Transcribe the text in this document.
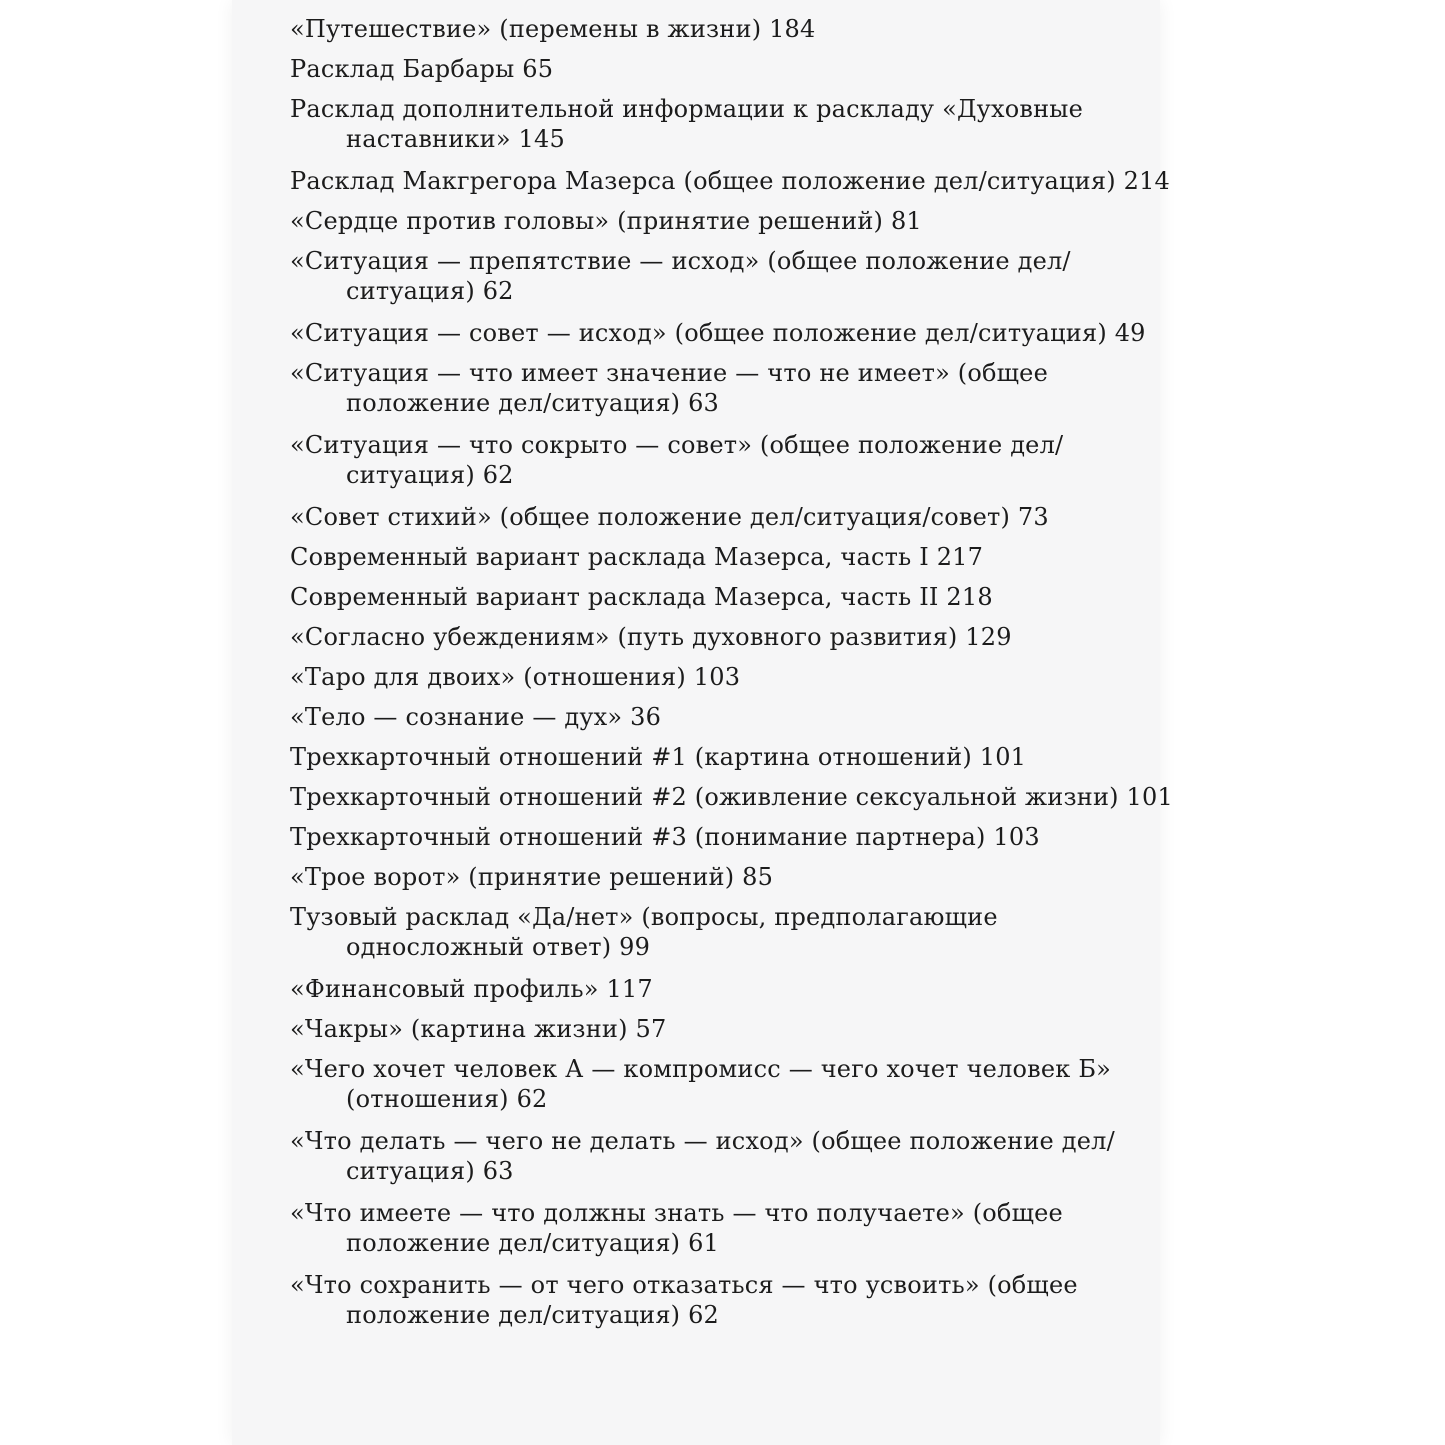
«Путешествие» (перемены в жизни) 184
Расклад Барбары 65
Расклад дополнительной информации к раскладу «Духовные наставники» 145
Расклад Макгрегора Мазерса (общее положение дел/ситуация) 214
«Сердце против головы» (принятие решений) 81
«Ситуация — препятствие — исход» (общее положение дел/ ситуация) 62
«Ситуация — совет — исход» (общее положение дел/ситуация) 49
«Ситуация — что имеет значение — что не имеет» (общее положение дел/ситуация) 63
«Ситуация — что сокрыто — совет» (общее положение дел/ ситуация) 62
«Совет стихий» (общее положение дел/ситуация/совет) 73
Современный вариант расклада Мазерса, часть I 217
Современный вариант расклада Мазерса, часть II 218
«Согласно убеждениям» (путь духовного развития) 129
«Таро для двоих» (отношения) 103
«Тело — сознание — дух» 36
Трехкарточный отношений #1 (картина отношений) 101
Трехкарточный отношений #2 (оживление сексуальной жизни) 101
Трехкарточный отношений #3 (понимание партнера) 103
«Трое ворот» (принятие решений) 85
Тузовый расклад «Да/нет» (вопросы, предполагающие односложный ответ) 99
«Финансовый профиль» 117
«Чакры» (картина жизни) 57
«Чего хочет человек А — компромисс — чего хочет человек Б» (отношения) 62
«Что делать — чего не делать — исход» (общее положение дел/ ситуация) 63
«Что имеете — что должны знать — что получаете» (общее положение дел/ситуация) 61
«Что сохранить — от чего отказаться — что усвоить» (общее положение дел/ситуация) 62
